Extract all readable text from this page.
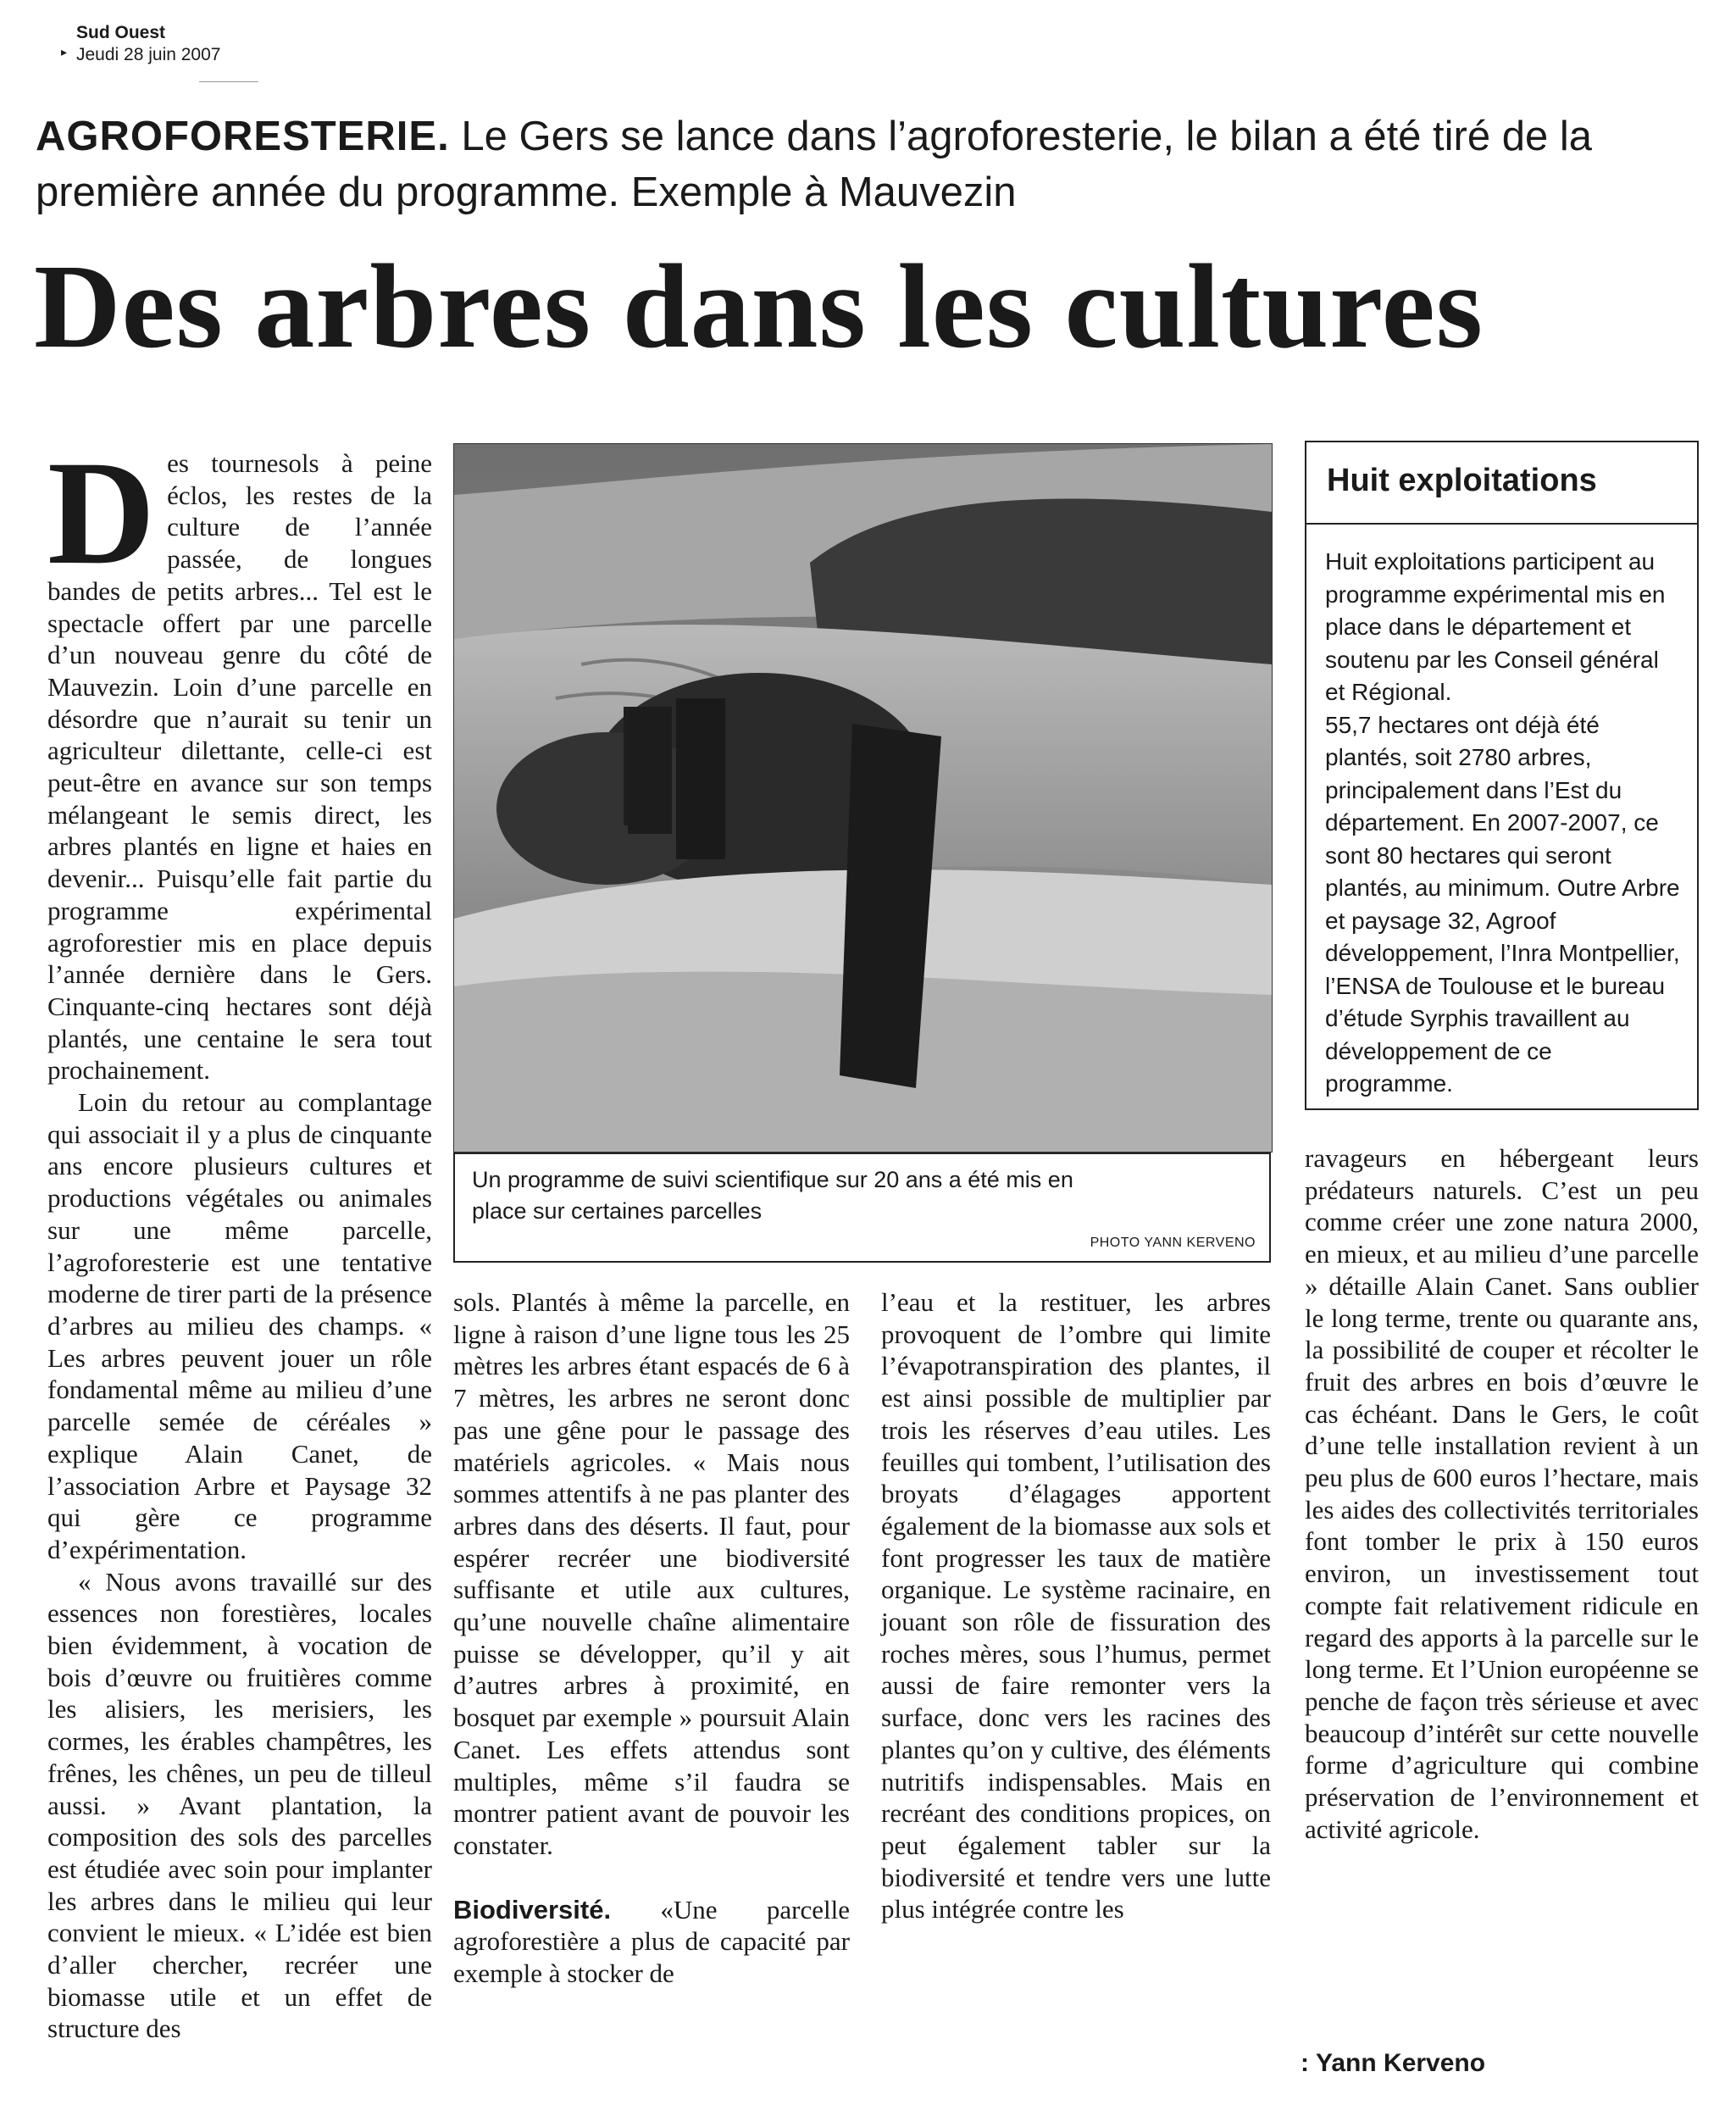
▸
Sud Ouest
Jeudi 28 juin 2007
AGROFORESTERIE. Le Gers se lance dans l’agroforesterie, le bilan a été tiré de la première année du programme. Exemple à Mauvezin
Des arbres dans les cultures
D es tournesols à peine éclos, les restes de la culture de l’année passée, de longues bandes de petits arbres... Tel est le spectacle offert par une parcelle d’un nouveau genre du côté de Mauvezin. Loin d’une parcelle en désordre que n’aurait su tenir un agriculteur dilettante, celle-ci est peut-être en avance sur son temps mélangeant le semis direct, les arbres plantés en ligne et haies en devenir... Puisqu’elle fait partie du programme expérimental agroforestier mis en place depuis l’année dernière dans le Gers. Cinquante-cinq hectares sont déjà plantés, une centaine le sera tout prochainement.

Loin du retour au complantage qui associait il y a plus de cinquante ans encore plusieurs cultures et productions végétales ou animales sur une même parcelle, l’agroforesterie est une tentative moderne de tirer parti de la présence d’arbres au milieu des champs. « Les arbres peuvent jouer un rôle fondamental même au milieu d’une parcelle semée de céréales » explique Alain Canet, de l’association Arbre et Paysage 32 qui gère ce programme d’expérimentation.

« Nous avons travaillé sur des essences non forestières, locales bien évidemment, à vocation de bois d’œuvre ou fruitières comme les alisiers, les merisiers, les cormes, les érables champêtres, les frênes, les chênes, un peu de tilleul aussi. » Avant plantation, la composition des sols des parcelles est étudiée avec soin pour implanter les arbres dans le milieu qui leur convient le mieux. « L’idée est bien d’aller chercher, recréer une biomasse utile et un effet de structure des

Un programme de suivi scientifique sur 20 ans a été mis en place sur certaines parcelles
PHOTO YANN KERVENO

sols. Plantés à même la parcelle, en ligne à raison d’une ligne tous les 25 mètres les arbres étant espacés de 6 à 7 mètres, les arbres ne seront donc pas une gêne pour le passage des matériels agricoles. « Mais nous sommes attentifs à ne pas planter des arbres dans des déserts. Il faut, pour espérer recréer une biodiversité suffisante et utile aux cultures, qu’une nouvelle chaîne alimentaire puisse se développer, qu’il y ait d’autres arbres à proximité, en bosquet par exemple » poursuit Alain Canet. Les effets attendus sont multiples, même s’il faudra se montrer patient avant de pouvoir les constater.

Biodiversité. «Une parcelle agroforestière a plus de capacité par exemple à stocker de

l’eau et la restituer, les arbres provoquent de l’ombre qui limite l’évapotranspiration des plantes, il est ainsi possible de multiplier par trois les réserves d’eau utiles. Les feuilles qui tombent, l’utilisation des broyats d’élagages apportent également de la biomasse aux sols et font progresser les taux de matière organique. Le système racinaire, en jouant son rôle de fissuration des roches mères, sous l’humus, permet aussi de faire remonter vers la surface, donc vers les racines des plantes qu’on y cultive, des éléments nutritifs indispensables. Mais en recréant des conditions propices, on peut également tabler sur la biodiversité et tendre vers une lutte plus intégrée contre les

Huit exploitations

Huit exploitations participent au programme expérimental mis en place dans le département et soutenu par les Conseil général et Régional.

55,7 hectares ont déjà été plantés, soit 2780 arbres, principalement dans l’Est du département. En 2007-2007, ce sont 80 hectares qui seront plantés, au minimum. Outre Arbre et paysage 32, Agroof développement, l’Inra Montpellier, l’ENSA de Toulouse et le bureau d’étude Syrphis travaillent au développement de ce programme.

ravageurs en hébergeant leurs prédateurs naturels. C’est un peu comme créer une zone natura 2000, en mieux, et au milieu d’une parcelle » détaille Alain Canet. Sans oublier le long terme, trente ou quarante ans, la possibilité de couper et récolter le fruit des arbres en bois d’œuvre le cas échéant. Dans le Gers, le coût d’une telle installation revient à un peu plus de 600 euros l’hectare, mais les aides des collectivités territoriales font tomber le prix à 150 euros environ, un investissement tout compte fait relativement ridicule en regard des apports à la parcelle sur le long terme. Et l’Union européenne se penche de façon très sérieuse et avec beaucoup d’intérêt sur cette nouvelle forme d’agriculture qui combine préservation de l’environnement et activité agricole.

: Yann Kerveno
